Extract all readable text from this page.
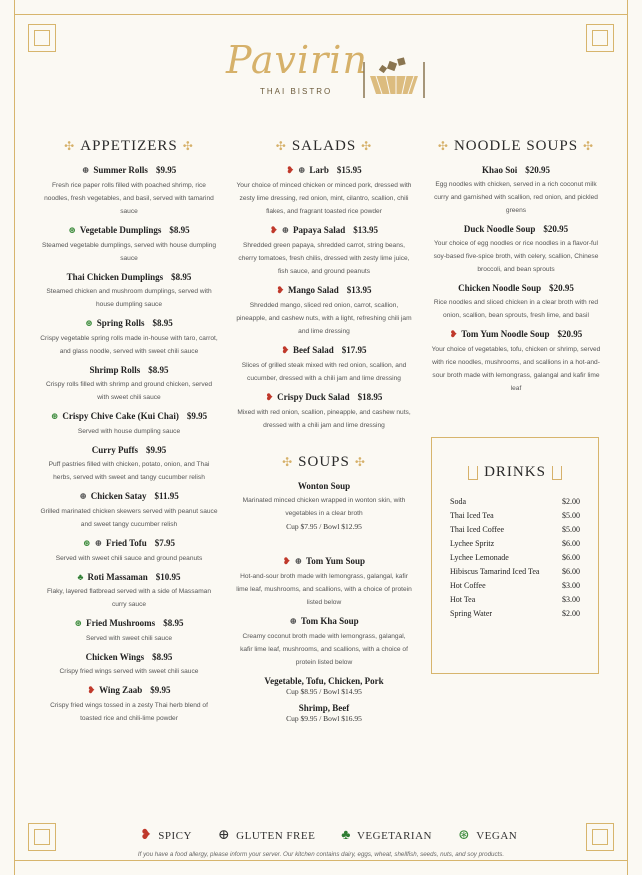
Pavirin
THAI BISTRO
✣ APPETIZERS ✣
⊕ Summer Rolls $9.95
Fresh rice paper rolls filled with poached shrimp, rice noodles, fresh vegetables, and basil, served with tamarind sauce
⊛ Vegetable Dumplings $8.95
Steamed vegetable dumplings, served with house dumpling sauce
Thai Chicken Dumplings $8.95
Steamed chicken and mushroom dumplings, served with house dumpling sauce
⊛ Spring Rolls $8.95
Crispy vegetable spring rolls made in-house with taro, carrot, and glass noodle, served with sweet chili sauce
Shrimp Rolls $8.95
Crispy rolls filled with shrimp and ground chicken, served with sweet chili sauce
⊛ Crispy Chive Cake (Kui Chai) $9.95
Served with house dumpling sauce
Curry Puffs $9.95
Puff pastries filled with chicken, potato, onion, and Thai herbs, served with sweet and tangy cucumber relish
⊕ Chicken Satay $11.95
Grilled marinated chicken skewers served with peanut sauce and sweet tangy cucumber relish
⊛ ⊕ Fried Tofu $7.95
Served with sweet chili sauce and ground peanuts
♣ Roti Massaman $10.95
Flaky, layered flatbread served with a side of Massaman curry sauce
⊛ Fried Mushrooms $8.95
Served with sweet chili sauce
Chicken Wings $8.95
Crispy fried wings served with sweet chili sauce
❥ Wing Zaab $9.95
Crispy fried wings tossed in a zesty Thai herb blend of toasted rice and chili-lime powder
✣ SALADS ✣
❥ ⊕ Larb $15.95
Your choice of minced chicken or minced pork, dressed with zesty lime dressing, red onion, mint, cilantro, scallion, chili flakes, and fragrant toasted rice powder
❥ ⊕ Papaya Salad $13.95
Shredded green papaya, shredded carrot, string beans, cherry tomatoes, fresh chilis, dressed with zesty lime juice, fish sauce, and ground peanuts
❥ Mango Salad $13.95
Shredded mango, sliced red onion, carrot, scallion, pineapple, and cashew nuts, with a light, refreshing chili jam and lime dressing
❥ Beef Salad $17.95
Slices of grilled steak mixed with red onion, scallion, and cucumber, dressed with a chili jam and lime dressing
❥ Crispy Duck Salad $18.95
Mixed with red onion, scallion, pineapple, and cashew nuts, dressed with a chili jam and lime dressing
✣ SOUPS ✣
Wonton Soup
Marinated minced chicken wrapped in wonton skin, with vegetables in a clear broth
Cup $7.95 / Bowl $12.95
❥ ⊕ Tom Yum Soup
Hot-and-sour broth made with lemongrass, galangal, kafir lime leaf, mushrooms, and scallions, with a choice of protein listed below
⊕ Tom Kha Soup
Creamy coconut broth made with lemongrass, galangal, kafir lime leaf, mushrooms, and scallions, with a choice of protein listed below
Vegetable, Tofu, Chicken, Pork
Cup $8.95 / Bowl $14.95
Shrimp, Beef
Cup $9.95 / Bowl $16.95
✣ NOODLE SOUPS ✣
Khao Soi $20.95
Egg noodles with chicken, served in a rich coconut milk curry and garnished with scallion, red onion, and pickled greens
Duck Noodle Soup $20.95
Your choice of egg noodles or rice noodles in a flavor-ful soy-based five-spice broth, with celery, scallion, Chinese broccoli, and bean sprouts
Chicken Noodle Soup $20.95
Rice noodles and sliced chicken in a clear broth with red onion, scallion, bean sprouts, fresh lime, and basil
❥ Tom Yum Noodle Soup $20.95
Your choice of vegetables, tofu, chicken or shrimp, served with rice noodles, mushrooms, and scallions in a hot-and-sour broth made with lemongrass, galangal and kafir lime leaf
DRINKS
Soda	$2.00
Thai Iced Tea	$5.00
Thai Iced Coffee	$5.00
Lychee Spritz	$6.00
Lychee Lemonade	$6.00
Hibiscus Tamarind Iced Tea	$6.00
Hot Coffee	$3.00
Hot Tea	$3.00
Spring Water	$2.00
❥ SPICY ⊕ GLUTEN FREE ♣ VEGETARIAN ⊛ VEGAN
If you have a food allergy, please inform your server. Our kitchen contains dairy, eggs, wheat, shellfish, seeds, nuts, and soy products.
